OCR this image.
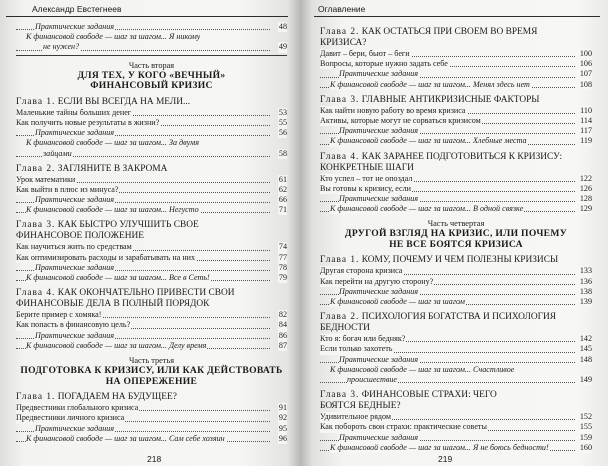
Александр Евстегнеев
Практические задания	48
К финансовой свободе — шаг за шагом... Я никому
не нужен?	49
Часть вторая
ДЛЯ ТЕХ, У КОГО «ВЕЧНЫЙ»
ФИНАНСОВЫЙ КРИЗИС
Глава 1. ЕСЛИ ВЫ ВСЕГДА НА МЕЛИ...
Маленькие тайны больших денег	53
Как получить новые результаты в жизни?	55
Практические задания	56
К финансовой свободе — шаг за шагом... За двумя
зайцами	58
Глава 2. ЗАГЛЯНИТЕ В ЗАКРОМА
Урок математики	61
Как выйти в плюс из минуса?	62
Практические задания	66
К финансовой свободе — шаг за шагом... Негусто	71
Глава 3. КАК БЫСТРО УЛУЧШИТЬ СВОЕ
ФИНАНСОВОЕ ПОЛОЖЕНИЕ
Как научиться жить по средствам	74
Как оптимизировать расходы и зарабатывать на них	77
Практические задания	78
К финансовой свободе — шаг за шагом... Все в Сеть!	79
Глава 4. КАК ОКОНЧАТЕЛЬНО ПРИВЕСТИ СВОИ
ФИНАНСОВЫЕ ДЕЛА В ПОЛНЫЙ ПОРЯДОК
Берите пример с хомяка!	82
Как попасть в финансовую цель?	84
Практические задания	86
К финансовой свободе — шаг за шагом... Делу время	87
Часть третья
ПОДГОТОВКА К КРИЗИСУ, ИЛИ КАК ДЕЙСТВОВАТЬ
НА ОПЕРЕЖЕНИЕ
Глава 1. ПОГАДАЕМ НА БУДУЩЕЕ?
Предвестники глобального кризиса	91
Предвестники личного кризиса	92
Практические задания	95
К финансовой свободе — шаг за шагом... Сам себе хозяин	96
218
Оглавление
Глава 2. КАК ОСТАТЬСЯ ПРИ СВОЕМ ВО ВРЕМЯ
КРИЗИСА?
Давит – бери, бьют – беги	100
Вопросы, которые нужно задать себе	106
Практические задания	107
К финансовой свободе — шаг за шагом... Менял здесь нет	108
Глава 3. ГЛАВНЫЕ АНТИКРИЗИСНЫЕ ФАКТОРЫ
Как найти новую работу во время кризиса	110
Активы, которые могут не сорваться кризисом	114
Практические задания	117
К финансовой свободе — шаг за шагом... Хлебные места	119
Глава 4. КАК ЗАРАНЕЕ ПОДГОТОВИТЬСЯ К КРИЗИСУ:
КОНКРЕТНЫЕ ШАГИ
Кто успел – тот не опоздал	122
Вы готовы к кризису, если	126
Практические задания	128
К финансовой свободе — шаг за шагом... В одной связке	129
Часть четвертая
ДРУГОЙ ВЗГЛЯД НА КРИЗИС, ИЛИ ПОЧЕМУ
НЕ ВСЕ БОЯТСЯ КРИЗИСА
Глава 1. КОМУ, ПОЧЕМУ И ЧЕМ ПОЛЕЗНЫ КРИЗИСЫ
Другая сторона кризиса	133
Как перейти на другую сторону?	136
Практические задания	138
К финансовой свободе — шаг за шагом	139
Глава 2. ПСИХОЛОГИЯ БОГАТСТВА И ПСИХОЛОГИЯ
БЕДНОСТИ
Кто я: богач или бедняк?	142
Если только захотеть	145
Практические задания	148
К финансовой свободе — шаг за шагом... Счастливое
происшествие	149
Глава 3. ФИНАНСОВЫЕ СТРАХИ: ЧЕГО
БОЯТСЯ БЕДНЫЕ?
Удивительное рядом	152
Как побороть свои страхи: практические советы	155
Практические задания	159
К финансовой свободе — шаг за шагом... Я не боюсь бедности!	160
219
